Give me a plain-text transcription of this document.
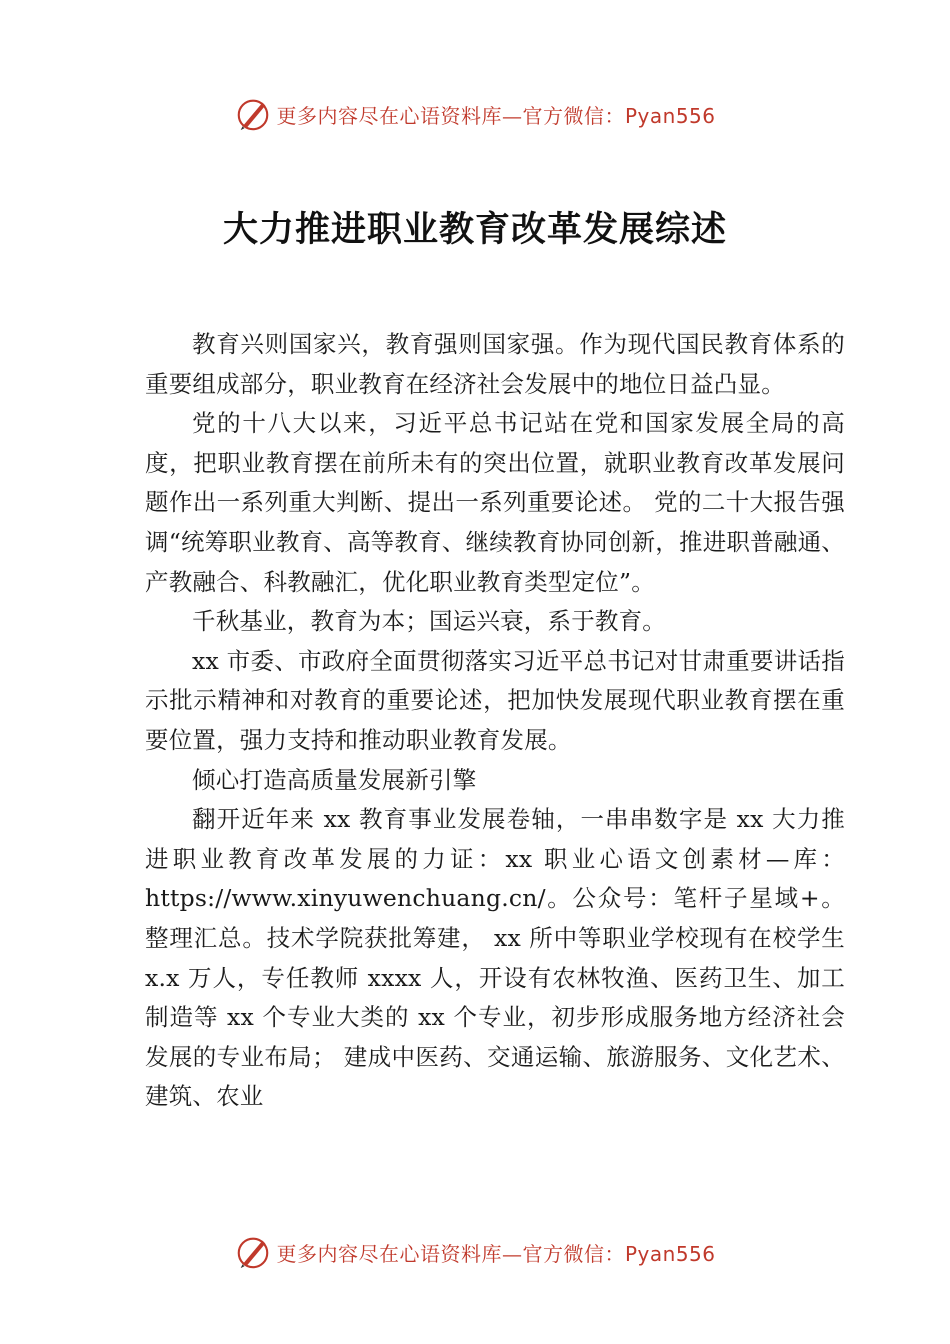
更多内容尽在心语资料库—官方微信：Pyan556
大力推进职业教育改革发展综述

教育兴则国家兴，教育强则国家强。作为现代国民教育体系的重要组成部分，职业教育在经济社会发展中的地位日益凸显。

党的十八大以来，习近平总书记站在党和国家发展全局的高度，把职业教育摆在前所未有的突出位置，就职业教育改革发展问题作出一系列重大判断、提出一系列重要论述。 党的二十大报告强调“统筹职业教育、高等教育、继续教育协同创新，推进职普融通、产教融合、科教融汇，优化职业教育类型定位”。

千秋基业，教育为本；国运兴衰，系于教育。

xx 市委、市政府全面贯彻落实习近平总书记对甘肃重要讲话指示批示精神和对教育的重要论述，把加快发展现代职业教育摆在重要位置，强力支持和推动职业教育发展。

倾心打造高质量发展新引擎

翻开近年来 xx 教育事业发展卷轴，一串串数字是 xx 大力推进职业教育改革发展的力证：xx 职业心语文创素材—库：https://www.xinyuwenchuang.cn/。公众号：笔杆子星域+。整理汇总。技术学院获批筹建， xx 所中等职业学校现有在校学生 x.x 万人，专任教师 xxxx 人，开设有农林牧渔、医药卫生、加工制造等 xx 个专业大类的 xx 个专业，初步形成服务地方经济社会发展的专业布局； 建成中医药、交通运输、旅游服务、文化艺术、建筑、农业

更多内容尽在心语资料库—官方微信：Pyan556
